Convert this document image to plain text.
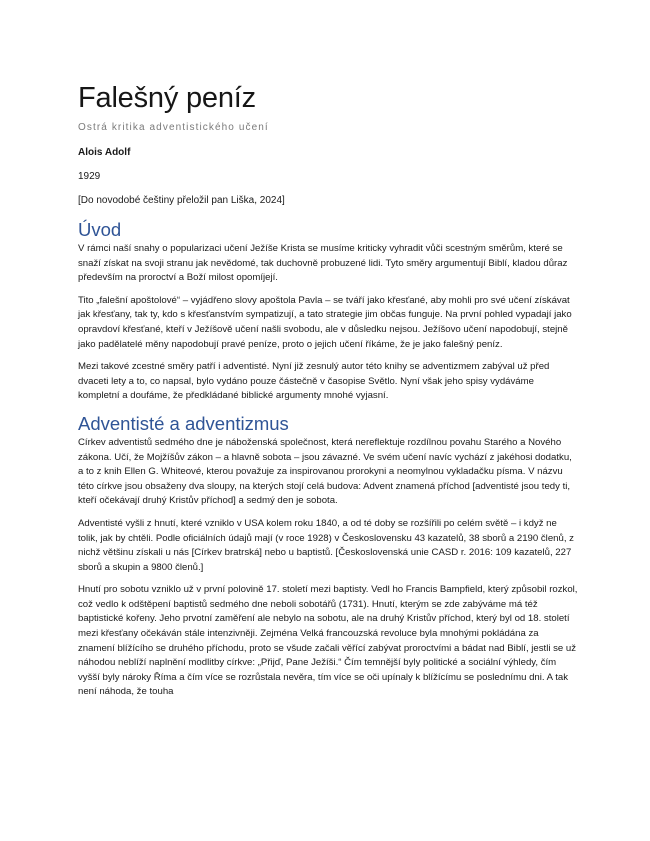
Falešný peníz
Ostrá kritika adventistického učení

Alois Adolf

1929

[Do novodobé češtiny přeložil pan Liška, 2024]

Úvod

V rámci naší snahy o popularizaci učení Ježíše Krista se musíme kriticky vyhradit vůči scestným směrům, které se snaží získat na svoji stranu jak nevědomé, tak duchovně probuzené lidi. Tyto směry argumentují Biblí, kladou důraz především na proroctví a Boží milost opomíjejí.

Tito „falešní apoštolové“ – vyjádřeno slovy apoštola Pavla – se tváří jako křesťané, aby mohli pro své učení získávat jak křesťany, tak ty, kdo s křesťanstvím sympatizují, a tato strategie jim občas funguje. Na první pohled vypadají jako opravdoví křesťané, kteří v Ježíšově učení našli svobodu, ale v důsledku nejsou. Ježíšovo učení napodobují, stejně jako padělatelé měny napodobují pravé peníze, proto o jejich učení říkáme, že je jako falešný peníz.

Mezi takové zcestné směry patří i adventisté. Nyní již zesnulý autor této knihy se adventizmem zabýval už před dvaceti lety a to, co napsal, bylo vydáno pouze částečně v časopise Světlo. Nyní však jeho spisy vydáváme kompletní a doufáme, že předkládané biblické argumenty mnohé vyjasní.

Adventisté a adventizmus

Církev adventistů sedmého dne je náboženská společnost, která nereflektuje rozdílnou povahu Starého a Nového zákona. Učí, že Mojžíšův zákon – a hlavně sobota – jsou závazné. Ve svém učení navíc vychází z jakéhosi dodatku, a to z knih Ellen G. Whiteové, kterou považuje za inspirovanou prorokyni a neomylnou vykladačku písma. V názvu této církve jsou obsaženy dva sloupy, na kterých stojí celá budova: Advent znamená příchod [adventisté jsou tedy ti, kteří očekávají druhý Kristův příchod] a sedmý den je sobota.

Adventisté vyšli z hnutí, které vzniklo v USA kolem roku 1840, a od té doby se rozšířili po celém světě – i když ne tolik, jak by chtěli. Podle oficiálních údajů mají (v roce 1928) v Československu 43 kazatelů, 38 sborů a 2190 členů, z nichž většinu získali u nás [Církev bratrská] nebo u baptistů. [Československá unie CASD r. 2016: 109 kazatelů, 227 sborů a skupin a 9800 členů.]

Hnutí pro sobotu vzniklo už v první polovině 17. století mezi baptisty. Vedl ho Francis Bampfield, který způsobil rozkol, což vedlo k odštěpení baptistů sedmého dne neboli sobotářů (1731). Hnutí, kterým se zde zabýváme má též baptistické kořeny. Jeho prvotní zaměření ale nebylo na sobotu, ale na druhý Kristův příchod, který byl od 18. století mezi křesťany očekáván stále intenzivněji. Zejména Velká francouzská revoluce byla mnohými pokládána za znamení blížícího se druhého příchodu, proto se všude začali věřící zabývat proroctvími a bádat nad Biblí, jestli se už náhodou neblíží naplnění modlitby církve: „Přijď, Pane Ježíši.“ Čím temnější byly politické a sociální výhledy, čím vyšší byly nároky Říma a čím více se rozrůstala nevěra, tím více se oči upínaly k blížícímu se poslednímu dni. A tak není náhoda, že touha
